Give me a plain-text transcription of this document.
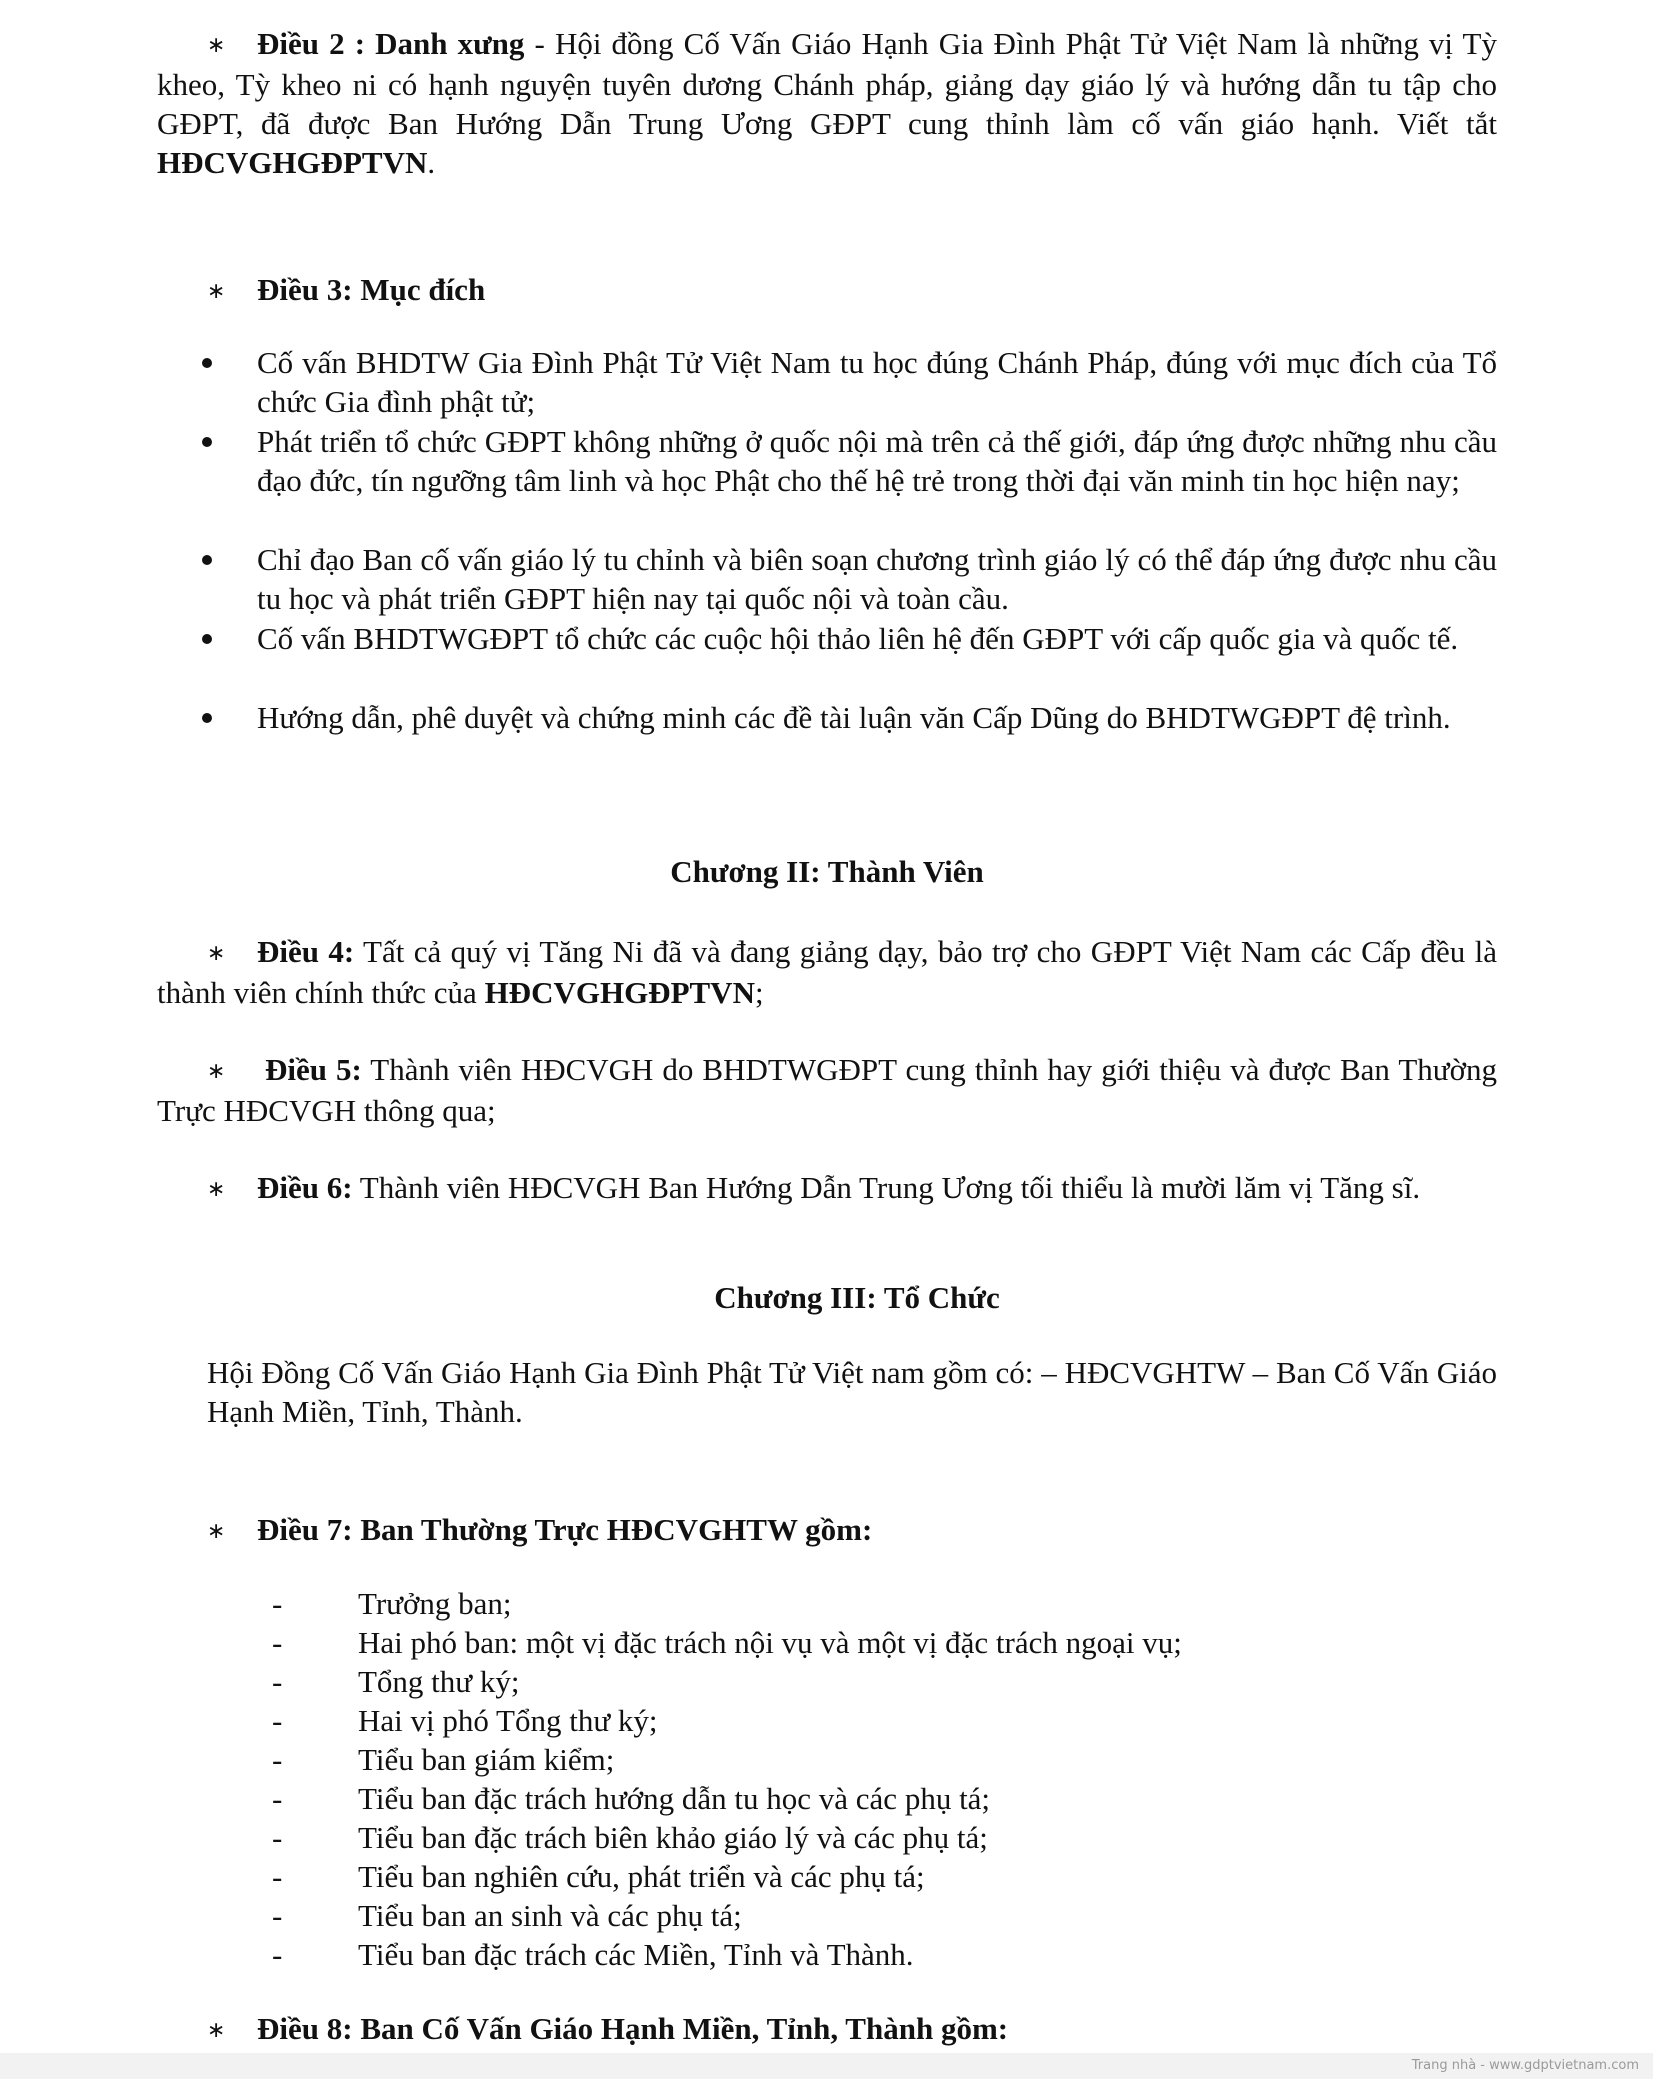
∗ Điều 2 : Danh xưng - Hội đồng Cố Vấn Giáo Hạnh Gia Đình Phật Tử Việt Nam là những vị Tỳ kheo, Tỳ kheo ni có hạnh nguyện tuyên dương Chánh pháp, giảng dạy giáo lý và hướng dẫn tu tập cho GĐPT, đã được Ban Hướng Dẫn Trung Ương GĐPT cung thỉnh làm cố vấn giáo hạnh. Viết tắt HĐCVGHGĐPTVN.
∗ Điều 3: Mục đích
Cố vấn BHDTW Gia Đình Phật Tử Việt Nam tu học đúng Chánh Pháp, đúng với mục đích của Tổ chức Gia đình phật tử;
Phát triển tổ chức GĐPT không những ở quốc nội mà trên cả thế giới, đáp ứng được những nhu cầu đạo đức, tín ngưỡng tâm linh và học Phật cho thế hệ trẻ trong thời đại văn minh tin học hiện nay;
Chỉ đạo Ban cố vấn giáo lý tu chỉnh và biên soạn chương trình giáo lý có thể đáp ứng được nhu cầu tu học và phát triển GĐPT hiện nay tại quốc nội và toàn cầu.
Cố vấn BHDTWGĐPT tổ chức các cuộc hội thảo liên hệ đến GĐPT với cấp quốc gia và quốc tế.
Hướng dẫn, phê duyệt và chứng minh các đề tài luận văn Cấp Dũng do BHDTWGĐPT đệ trình.
Chương II: Thành Viên
∗ Điều 4: Tất cả quý vị Tăng Ni đã và đang giảng dạy, bảo trợ cho GĐPT Việt Nam các Cấp đều là thành viên chính thức của HĐCVGHGĐPTVN;
∗ Điều 5: Thành viên HĐCVGH do BHDTWGĐPT cung thỉnh hay giới thiệu và được Ban Thường Trực HĐCVGH thông qua;
∗ Điều 6: Thành viên HĐCVGH Ban Hướng Dẫn Trung Ương tối thiểu là mười lăm vị Tăng sĩ.
Chương III: Tổ Chức
Hội Đồng Cố Vấn Giáo Hạnh Gia Đình Phật Tử Việt nam gồm có: – HĐCVGHTW – Ban Cố Vấn Giáo Hạnh Miền, Tỉnh, Thành.
∗ Điều 7: Ban Thường Trực HĐCVGHTW gồm:
- Trưởng ban;
- Hai phó ban: một vị đặc trách nội vụ và một vị đặc trách ngoại vụ;
- Tổng thư ký;
- Hai vị phó Tổng thư ký;
- Tiểu ban giám kiểm;
- Tiểu ban đặc trách hướng dẫn tu học và các phụ tá;
- Tiểu ban đặc trách biên khảo giáo lý và các phụ tá;
- Tiểu ban nghiên cứu, phát triển và các phụ tá;
- Tiểu ban an sinh và các phụ tá;
- Tiểu ban đặc trách các Miền, Tỉnh và Thành.
∗ Điều 8: Ban Cố Vấn Giáo Hạnh Miền, Tỉnh, Thành gồm:
Trang nhà - www.gdptvietnam.com
